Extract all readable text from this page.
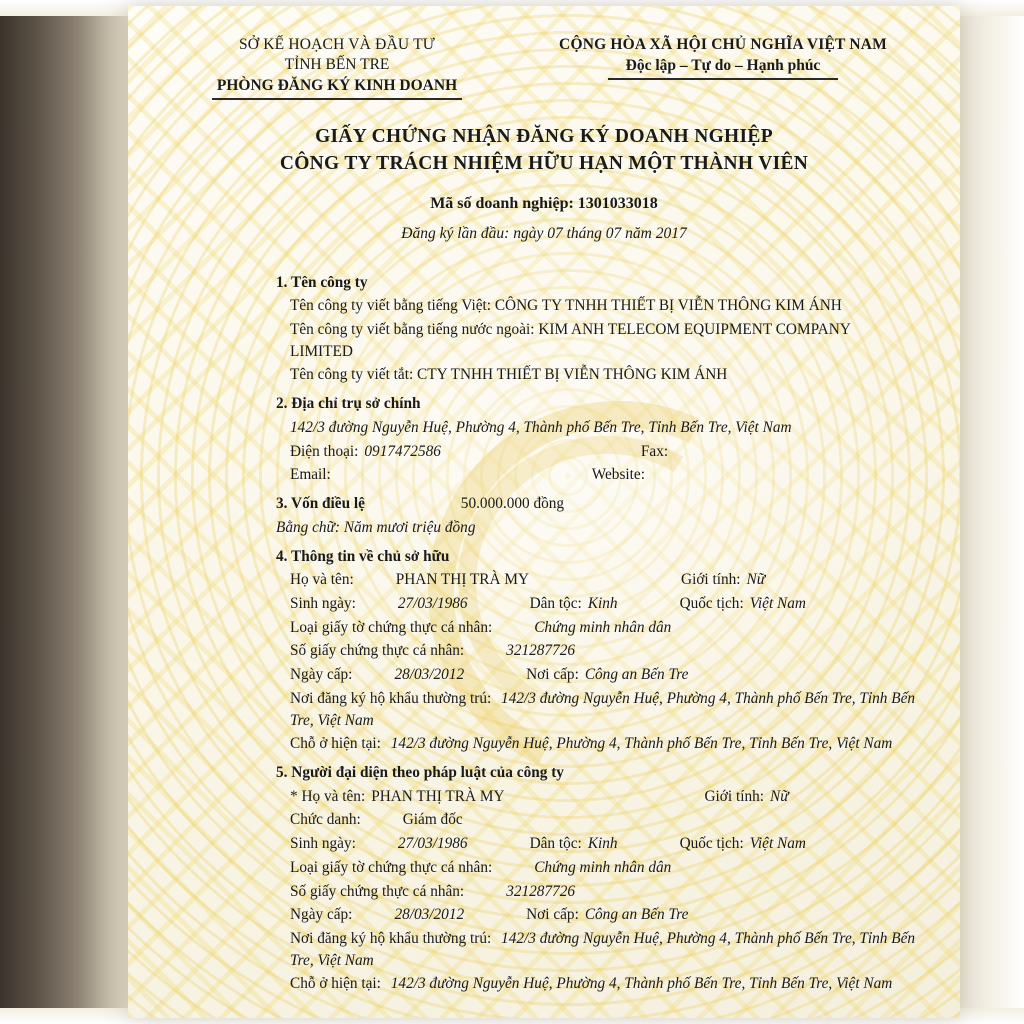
SỞ KẾ HOẠCH VÀ ĐẦU TƯ
TỈNH BẾN TRE
PHÒNG ĐĂNG KÝ KINH DOANH
CỘNG HÒA XÃ HỘI CHỦ NGHĨA VIỆT NAM
Độc lập – Tự do – Hạnh phúc
GIẤY CHỨNG NHẬN ĐĂNG KÝ DOANH NGHIỆP
CÔNG TY TRÁCH NHIỆM HỮU HẠN MỘT THÀNH VIÊN
Mã số doanh nghiệp: 1301033018
Đăng ký lần đầu: ngày 07 tháng 07 năm 2017
1. Tên công ty
Tên công ty viết bằng tiếng Việt: CÔNG TY TNHH THIẾT BỊ VIỄN THÔNG KIM ÁNH
Tên công ty viết bằng tiếng nước ngoài: KIM ANH TELECOM EQUIPMENT COMPANY LIMITED
Tên công ty viết tắt: CTY TNHH THIẾT BỊ VIỄN THÔNG KIM ÁNH
2. Địa chỉ trụ sở chính
142/3 đường Nguyễn Huệ, Phường 4, Thành phố Bến Tre, Tỉnh Bến Tre, Việt Nam
Điện thoại: 0917472586	Fax:
Email:	Website:
3. Vốn điều lệ	50.000.000 đồng
Bằng chữ: Năm mươi triệu đồng
4. Thông tin về chủ sở hữu
Họ và tên:	PHAN THỊ TRÀ MY	Giới tính: Nữ
Sinh ngày:	27/03/1986	Dân tộc: Kinh	Quốc tịch: Việt Nam
Loại giấy tờ chứng thực cá nhân:	Chứng minh nhân dân
Số giấy chứng thực cá nhân:	321287726
Ngày cấp:	28/03/2012	Nơi cấp: Công an Bến Tre
Nơi đăng ký hộ khẩu thường trú: 142/3 đường Nguyễn Huệ, Phường 4, Thành phố Bến Tre, Tỉnh Bến Tre, Việt Nam
Chỗ ở hiện tại: 142/3 đường Nguyễn Huệ, Phường 4, Thành phố Bến Tre, Tỉnh Bến Tre, Việt Nam
5. Người đại diện theo pháp luật của công ty
* Họ và tên: PHAN THỊ TRÀ MY	Giới tính: Nữ
Chức danh:	Giám đốc
Sinh ngày:	27/03/1986	Dân tộc: Kinh	Quốc tịch: Việt Nam
Loại giấy tờ chứng thực cá nhân:	Chứng minh nhân dân
Số giấy chứng thực cá nhân:	321287726
Ngày cấp:	28/03/2012	Nơi cấp: Công an Bến Tre
Nơi đăng ký hộ khẩu thường trú: 142/3 đường Nguyễn Huệ, Phường 4, Thành phố Bến Tre, Tỉnh Bến Tre, Việt Nam
Chỗ ở hiện tại: 142/3 đường Nguyễn Huệ, Phường 4, Thành phố Bến Tre, Tỉnh Bến Tre, Việt Nam
